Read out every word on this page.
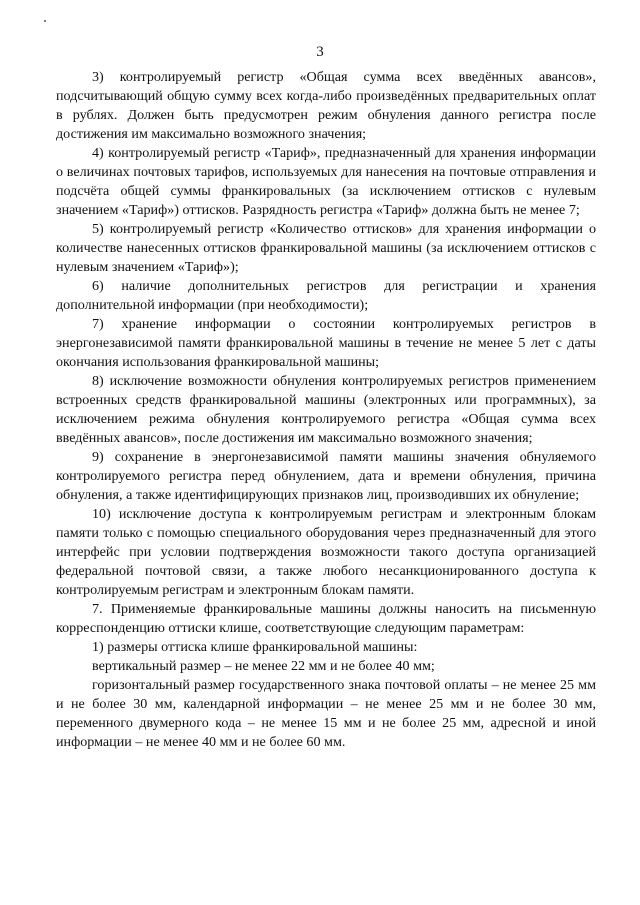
3

3) контролируемый регистр «Общая сумма всех введённых авансов», подсчитывающий общую сумму всех когда-либо произведённых предварительных оплат в рублях. Должен быть предусмотрен режим обнуления данного регистра после достижения им максимально возможного значения;

4) контролируемый регистр «Тариф», предназначенный для хранения информации о величинах почтовых тарифов, используемых для нанесения на почтовые отправления и подсчёта общей суммы франкировальных (за исключением оттисков с нулевым значением «Тариф») оттисков. Разрядность регистра «Тариф» должна быть не менее 7;

5) контролируемый регистр «Количество оттисков» для хранения информации о количестве нанесенных оттисков франкировальной машины (за исключением оттисков с нулевым значением «Тариф»);

6) наличие дополнительных регистров для регистрации и хранения дополнительной информации (при необходимости);

7) хранение информации о состоянии контролируемых регистров в энергонезависимой памяти франкировальной машины в течение не менее 5 лет с даты окончания использования франкировальной машины;

8) исключение возможности обнуления контролируемых регистров применением встроенных средств франкировальной машины (электронных или программных), за исключением режима обнуления контролируемого регистра «Общая сумма всех введённых авансов», после достижения им максимально возможного значения;

9) сохранение в энергонезависимой памяти машины значения обнуляемого контролируемого регистра перед обнулением, дата и времени обнуления, причина обнуления, а также идентифицирующих признаков лиц, производивших их обнуление;

10) исключение доступа к контролируемым регистрам и электронным блокам памяти только с помощью специального оборудования через предназначенный для этого интерфейс при условии подтверждения возможности такого доступа организацией федеральной почтовой связи, а также любого несанкционированного доступа к контролируемым регистрам и электронным блокам памяти.

7. Применяемые франкировальные машины должны наносить на письменную корреспонденцию оттиски клише, соответствующие следующим параметрам:

1) размеры оттиска клише франкировальной машины:

вертикальный размер – не менее 22 мм и не более 40 мм;

горизонтальный размер государственного знака почтовой оплаты – не менее 25 мм и не более 30 мм, календарной информации – не менее 25 мм и не более 30 мм, переменного двумерного кода – не менее 15 мм и не более 25 мм, адресной и иной информации – не менее 40 мм и не более 60 мм.
